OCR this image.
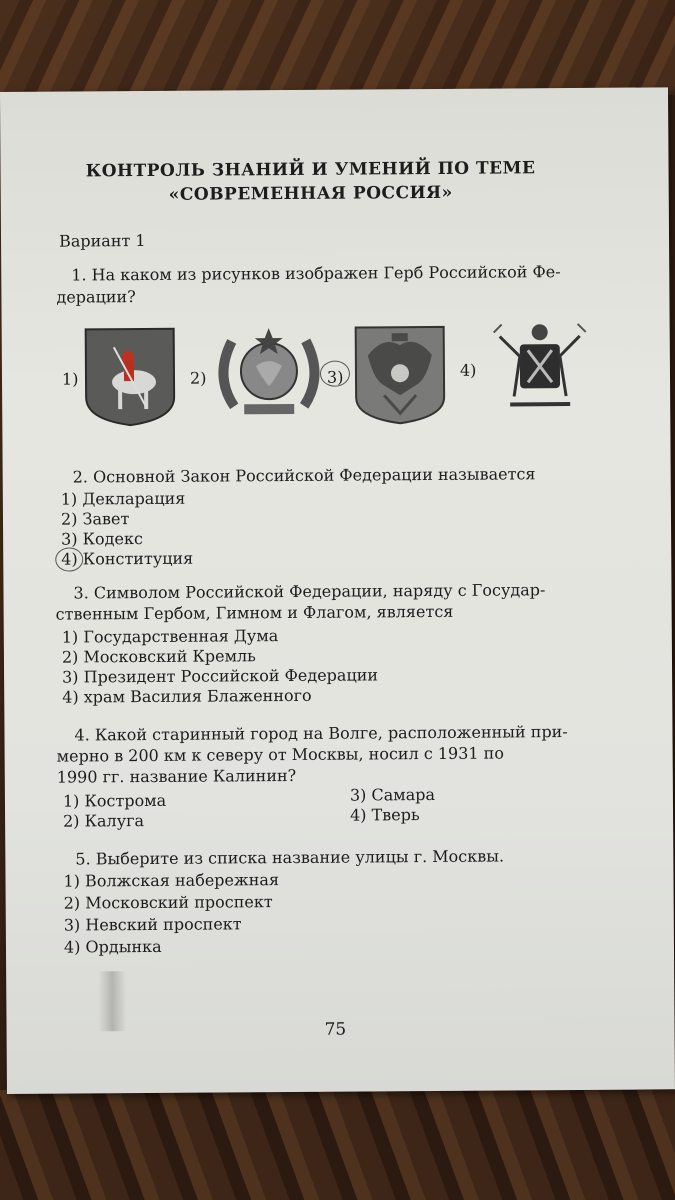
КОНТРОЛЬ ЗНАНИЙ И УМЕНИЙ ПО ТЕМЕ
«СОВРЕМЕННАЯ РОССИЯ»
Вариант 1
1. На каком из рисунков изображен Герб Российской Фе-
дерации?
1)	2)	3)	4)
2. Основной Закон Российской Федерации называется
1) Декларация
2) Завет
3) Кодекс
4) Конституция
3. Символом Российской Федерации, наряду с Государ-
ственным Гербом, Гимном и Флагом, является
1) Государственная Дума
2) Московский Кремль
3) Президент Российской Федерации
4) храм Василия Блаженного
4. Какой старинный город на Волге, расположенный при-
мерно в 200 км к северу от Москвы, носил с 1931 по
1990 гг. название Калинин?
1) Кострома
2) Калуга
3) Самара
4) Тверь
5. Выберите из списка название улицы г. Москвы.
1) Волжская набережная
2) Московский проспект
3) Невский проспект
4) Ордынка
75
